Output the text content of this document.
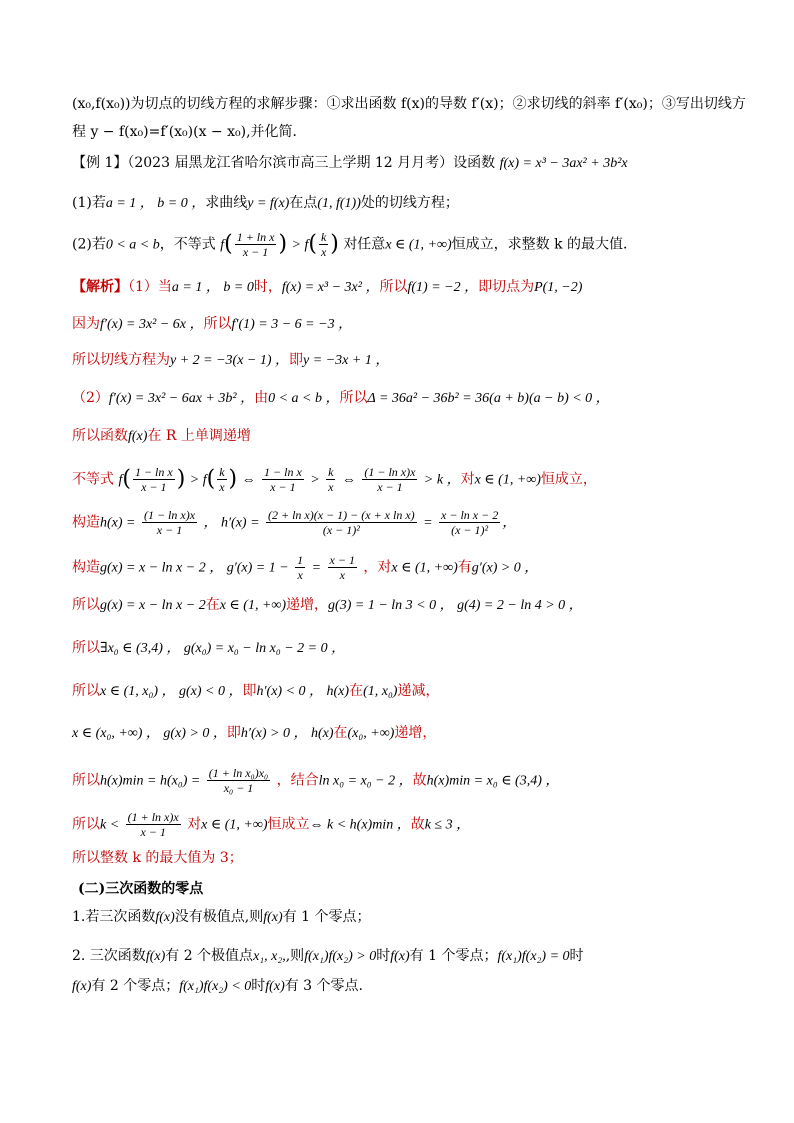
(x₀,f(x₀))为切点的切线方程的求解步骤：①求出函数 f(x)的导数 f′(x)；②求切线的斜率 f′(x₀)；③写出切线方
程 y − f(x₀)=f′(x₀)(x − x₀),并化简．
【例 1】（2023 届黑龙江省哈尔滨市高三上学期 12 月月考）设函数 f(x) = x³ − 3ax² + 3b²x
(1)若a = 1 ， b = 0 ，求曲线y = f(x)在点(1, f(1))处的切线方程；
(2)若0 < a < b，不等式 $f( \frac{\text{1 + ln x}}{x - 1}$ ) > $f( \frac{k}{x}$ ) 对任意x ∈ (1, +∞)恒成立，求整数 k 的最大值．
【解析】（1）当a = 1 ， b = 0时，f(x) = x³ − 3x² ，所以f(1) = −2 ，即切点为P(1, −2)
因为f′(x) = 3x² − 6x ，所以f′(1) = 3 − 6 = −3 ，
所以切线方程为y + 2 = −3(x − 1) ，即y = −3x + 1 ，
（2）f′(x) = 3x² − 6ax + 3b² ，由0 < a < b ，所以Δ = 36a² − 36b² = 36(a + b)(a − b) < 0 ，
所以函数f(x)在 R 上单调递增
不等式 $f( \frac{\text{1 − ln x}}{x - 1}$ ) > $f( \frac{k}{x}$ ) ⇔ $\frac{\text{1 − ln x}}{x - 1} > \frac{k}{x}$ ⇔ $\frac{\text{(1 − ln x)x}}{x - 1} > k$ ，对x ∈ (1, +∞)恒成立，
构造$h(x) = \frac{\text{(1 − ln x)x}}{x - 1}$ ， $h'(x) = \frac{\text{(2 + ln x)(x − 1) − (x + x ln x)}}{\text{(x − 1)²}} = \frac{\text{x − ln x − 2}}{\text{(x − 1)²}}$ ，
构造g(x) = x − ln x − 2 ， $g'(x) = 1 - \frac{1}{x} = \frac{x - 1}{x}$ ，对x ∈ (1, +∞)有g′(x) > 0 ，
所以g(x) = x − ln x − 2在x ∈ (1, +∞)递增，g(3) = 1 − ln 3 < 0 ， g(4) = 2 − ln 4 > 0 ，
所以∃x₀ ∈ (3,4) ， g(x₀) = x₀ − ln x₀ − 2 = 0 ，
所以x ∈ (1, x₀) ， g(x) < 0 ，即h′(x) < 0 ， h(x)在(1, x₀)递减，
x ∈ (x₀, +∞) ， g(x) > 0 ，即h′(x) > 0 ， h(x)在(x₀, +∞)递增，
所以$h(x)\min = h(x_0) = \frac{\text{(1 + ln x₀)x₀}}{\text{x₀ − 1}}$ ，结合ln x₀ = x₀ − 2 ，故h(x)min = x₀ ∈ (3,4) ，
所以$k < \frac{\text{(1 + ln x)x}}{x - 1}$ 对x ∈ (1, +∞)恒成立⇔ k < h(x)min ，故k ≤ 3 ，
所以整数 k 的最大值为 3；
(二)三次函数的零点
1.若三次函数f(x)没有极值点,则f(x)有 1 个零点；
2. 三次函数f(x)有 2 个极值点x₁, x₂,,则f(x₁)f(x₂) > 0时f(x)有 1 个零点；f(x₁)f(x₂) = 0时
f(x)有 2 个零点；f(x₁)f(x₂) < 0时f(x)有 3 个零点.
